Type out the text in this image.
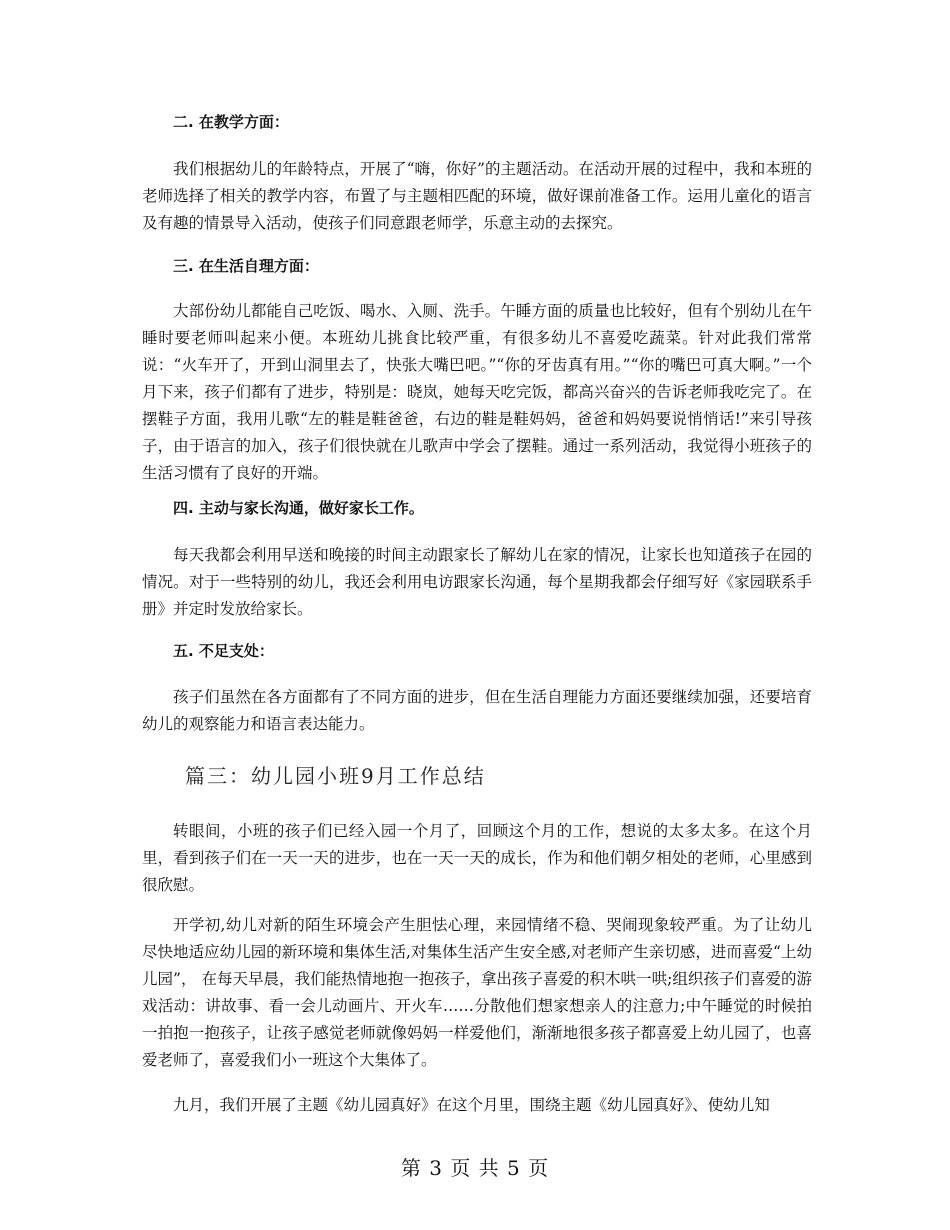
二. 在教学方面：

我们根据幼儿的年龄特点，开展了“嗨，你好”的主题活动。在活动开展的过程中，我和本班的老师选择了相关的教学内容，布置了与主题相匹配的环境，做好课前准备工作。运用儿童化的语言及有趣的情景导入活动，使孩子们同意跟老师学，乐意主动的去探究。

三. 在生活自理方面：

大部份幼儿都能自己吃饭、喝水、入厕、洗手。午睡方面的质量也比较好，但有个别幼儿在午睡时要老师叫起来小便。本班幼儿挑食比较严重，有很多幼儿不喜爱吃蔬菜。针对此我们常常说：“火车开了，开到山洞里去了，快张大嘴巴吧。”“你的牙齿真有用。”“你的嘴巴可真大啊。”一个月下来，孩子们都有了进步，特别是：晓岚，她每天吃完饭，都高兴奋兴的告诉老师我吃完了。在摆鞋子方面，我用儿歌“左的鞋是鞋爸爸，右边的鞋是鞋妈妈，爸爸和妈妈要说悄悄话!”来引导孩子，由于语言的加入，孩子们很快就在儿歌声中学会了摆鞋。通过一系列活动，我觉得小班孩子的生活习惯有了良好的开端。

四. 主动与家长沟通，做好家长工作。

每天我都会利用早送和晚接的时间主动跟家长了解幼儿在家的情况，让家长也知道孩子在园的情况。对于一些特别的幼儿，我还会利用电访跟家长沟通，每个星期我都会仔细写好《家园联系手册》并定时发放给家长。

五. 不足支处：

孩子们虽然在各方面都有了不同方面的进步，但在生活自理能力方面还要继续加强，还要培育幼儿的观察能力和语言表达能力。

篇三：幼儿园小班9月工作总结

转眼间，小班的孩子们已经入园一个月了，回顾这个月的工作，想说的太多太多。在这个月里，看到孩子们在一天一天的进步，也在一天一天的成长，作为和他们朝夕相处的老师，心里感到很欣慰。

开学初,幼儿对新的陌生环境会产生胆怯心理，来园情绪不稳、哭闹现象较严重。为了让幼儿尽快地适应幼儿园的新环境和集体生活,对集体生活产生安全感,对老师产生亲切感，进而喜爱“上幼儿园”， 在每天早晨，我们能热情地抱一抱孩子，拿出孩子喜爱的积木哄一哄;组织孩子们喜爱的游戏活动：讲故事、看一会儿动画片、开火车……分散他们想家想亲人的注意力;中午睡觉的时候拍一拍抱一抱孩子，让孩子感觉老师就像妈妈一样爱他们，渐渐地很多孩子都喜爱上幼儿园了，也喜爱老师了，喜爱我们小一班这个大集体了。

九月，我们开展了主题《幼儿园真好》在这个月里，围绕主题《幼儿园真好》、使幼儿知

第 3 页 共 5 页
